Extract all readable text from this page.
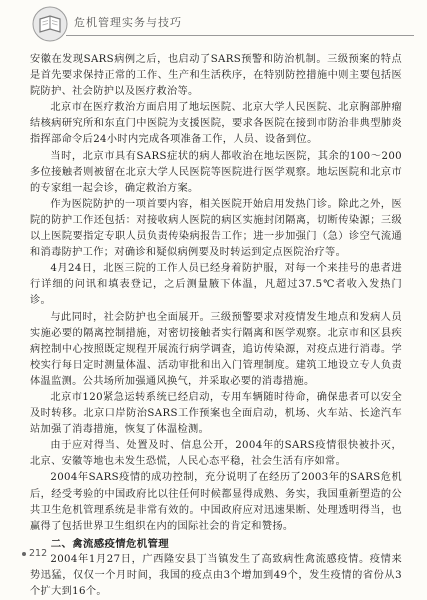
危机管理实务与技巧

安徽在发现SARS病例之后，也启动了SARS预警和防治机制。三级预案的特点是首先要求保持正常的工作、生产和生活秩序，在特别防控措施中则主要包括医院防护、社会防护以及医疗救治等。

北京市在医疗救治方面启用了地坛医院、北京大学人民医院、北京胸部肿瘤结核病研究所和东直门中医院为支援医院，要求各医院在接到市防治非典型肺炎指挥部命令后24小时内完成各项准备工作，人员、设备到位。

当时，北京市具有SARS症状的病人都收治在地坛医院，其余的100～200多位接触者则被留在北京大学人民医院等医院进行医学观察。地坛医院和北京市的专家组一起会诊，确定救治方案。

作为医院防护的一项首要内容，相关医院开始启用发热门诊。除此之外，医院的防护工作还包括：对接收病人医院的病区实施封闭隔离，切断传染源；三级以上医院要指定专职人员负责传染病报告工作；进一步加强门（急）诊空气流通和消毒防护工作；对确诊和疑似病例要及时转运到定点医院治疗等。

4月24日，北医三院的工作人员已经身着防护服，对每一个来挂号的患者进行详细的问讯和填表登记，之后测量腋下体温，凡超过37.5℃者收入发热门诊。

与此同时，社会防护也全面展开。三级预警要求对疫情发生地点和发病人员实施必要的隔离控制措施，对密切接触者实行隔离和医学观察。北京市和区县疾病控制中心按照既定规程开展流行病学调查，追访传染源，对疫点进行消毒。学校实行每日定时测量体温、活动审批和出入门管理制度。建筑工地设立专人负责体温监测。公共场所加强通风换气，并采取必要的消毒措施。

北京市120紧急运转系统已经启动，专用车辆随时待命，确保患者可以安全及时转移。北京口岸防治SARS工作预案也全面启动，机场、火车站、长途汽车站加强了消毒措施，恢复了体温检测。

由于应对得当、处置及时、信息公开，2004年的SARS疫情很快被扑灭，北京、安徽等地也未发生恐慌，人民心态平稳，社会生活有序如常。

2004年SARS疫情的成功控制，充分说明了在经历了2003年的SARS危机后，经受考验的中国政府比以往任何时候都显得成熟、务实，我国重新塑造的公共卫生危机管理系统是非常有效的。中国政府应对迅速果断、处理透明得当，也赢得了包括世界卫生组织在内的国际社会的肯定和赞扬。

二、禽流感疫情危机管理

2004年1月27日，广西隆安县丁当镇发生了高致病性禽流感疫情。疫情来势迅猛，仅仅一个月时间，我国的疫点由3个增加到49个，发生疫情的省份从3个扩大到16个。

212
